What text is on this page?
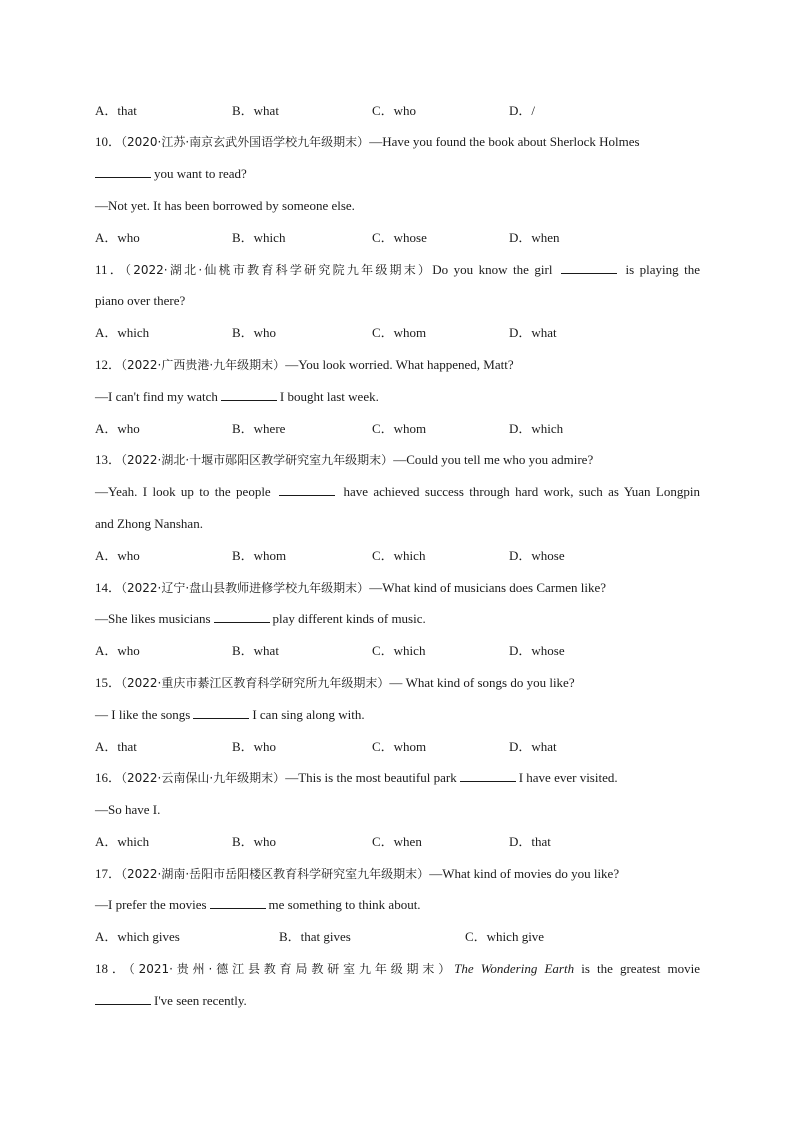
A．that	B．what	C．who	D．/
10．（2020·江苏·南京玄武外国语学校九年级期末）—Have you found the book about Sherlock Holmes
you want to read?
—Not yet. It has been borrowed by someone else.
A．who	B．which	C．whose	D．when
11．（2022·湖北·仙桃市教育科学研究院九年级期末）Do you know the girl	is playing the
piano over there?
A．which	B．who	C．whom	D．what
12．（2022·广西贵港·九年级期末）—You look worried. What happened, Matt?
—I can't find my watch	I bought last week.
A．who	B．where	C．whom	D．which
13．（2022·湖北·十堰市郧阳区教学研究室九年级期末）—Could you tell me who you admire?
—Yeah. I look up to the people	have achieved success through hard work, such as Yuan Longpin
and Zhong Nanshan.
A．who	B．whom	C．which	D．whose
14．（2022·辽宁·盘山县教师进修学校九年级期末）—What kind of musicians does Carmen like?
—She likes musicians	play different kinds of music.
A．who	B．what	C．which	D．whose
15．（2022·重庆市綦江区教育科学研究所九年级期末）— What kind of songs do you like?
— I like the songs	I can sing along with.
A．that	B．who	C．whom	D．what
16．（2022·云南保山·九年级期末）—This is the most beautiful park	I have ever visited.
—So have I.
A．which	B．who	C．when	D．that
17．（2022·湖南·岳阳市岳阳楼区教育科学研究室九年级期末）—What kind of movies do you like?
—I prefer the movies	me something to think about.
A．which gives	B．that gives	C．which give
18．（2021·贵州·德江县教育局教研室九年级期末）The Wondering Earth is the greatest movie
I've seen recently.
